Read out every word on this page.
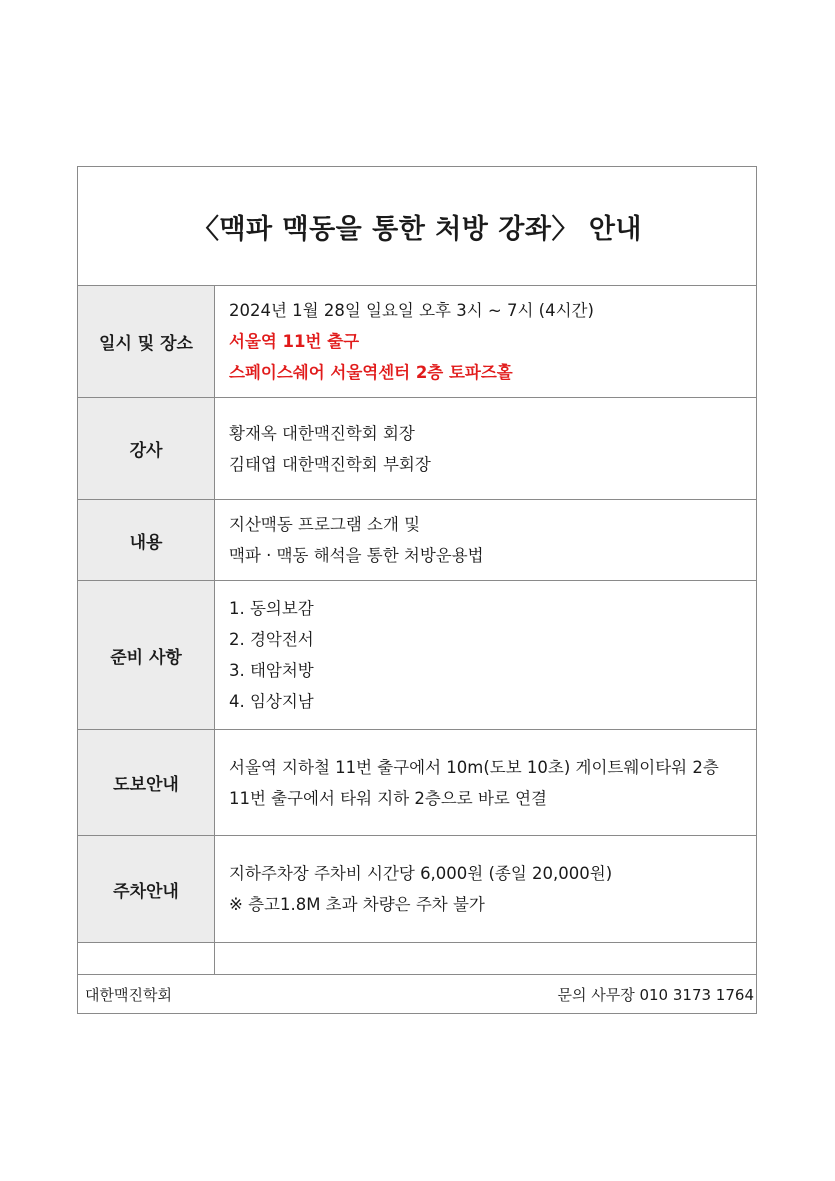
〈맥파 맥동을 통한 처방 강좌〉 안내
일시 및 장소	2024년 1월 28일 일요일 오후 3시 ~ 7시 (4시간)
서울역 11번 출구
스페이스쉐어 서울역센터 2층 토파즈홀

강사	황재옥 대한맥진학회 회장
김태엽 대한맥진학회 부회장

내용	지산맥동 프로그램 소개 및
맥파 · 맥동 해석을 통한 처방운용법

준비 사항	1. 동의보감
2. 경악전서
3. 태암처방
4. 임상지남

도보안내	서울역 지하철 11번 출구에서 10m(도보 10초) 게이트웨이타워 2층
11번 출구에서 타워 지하 2층으로 바로 연결

주차안내	지하주차장 주차비 시간당 6,000원 (종일 20,000원)
※ 층고1.8M 초과 차량은 주차 불가

대한맥진학회	문의 사무장 010 3173 1764
